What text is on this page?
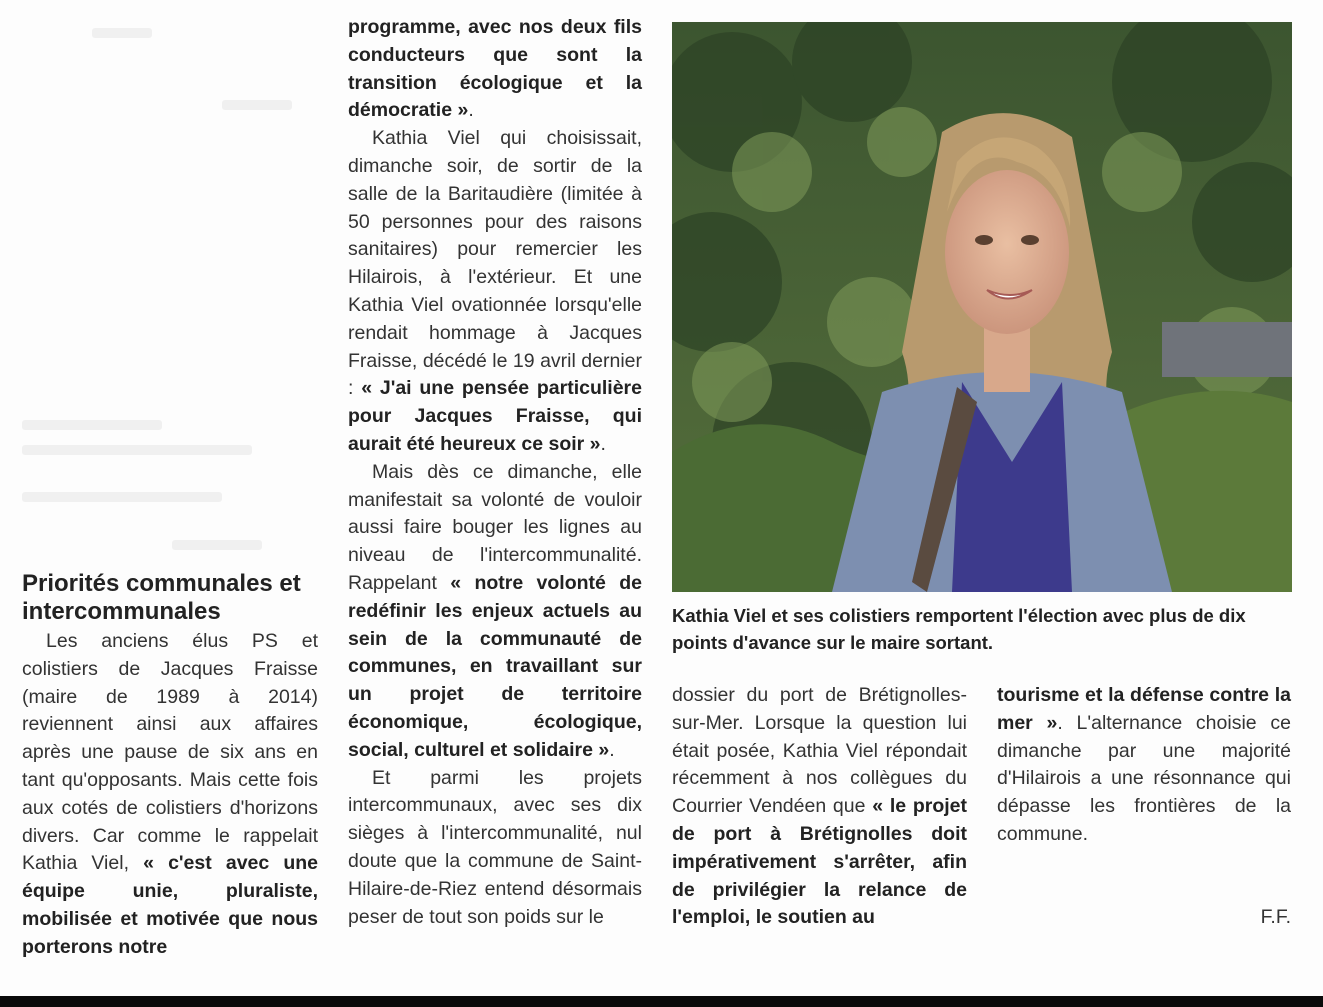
Priorités communales et intercommunales

Les anciens élus PS et colistiers de Jacques Fraisse (maire de 1989 à 2014) reviennent ainsi aux affaires après une pause de six ans en tant qu'opposants. Mais cette fois aux cotés de colistiers d'horizons divers. Car comme le rappelait Kathia Viel, « c'est avec une équipe unie, pluraliste, mobilisée et motivée que nous porterons notre

programme, avec nos deux fils conducteurs que sont la transition écologique et la démocratie ».

Kathia Viel qui choisissait, dimanche soir, de sortir de la salle de la Baritaudière (limitée à 50 personnes pour des raisons sanitaires) pour remercier les Hilairois, à l'extérieur. Et une Kathia Viel ovationnée lorsqu'elle rendait hommage à Jacques Fraisse, décédé le 19 avril dernier : « J'ai une pensée particulière pour Jacques Fraisse, qui aurait été heureux ce soir ».

Mais dès ce dimanche, elle manifestait sa volonté de vouloir aussi faire bouger les lignes au niveau de l'intercommunalité. Rappelant « notre volonté de redéfinir les enjeux actuels au sein de la communauté de communes, en travaillant sur un projet de territoire économique, écologique, social, culturel et solidaire ».

Et parmi les projets intercommunaux, avec ses dix sièges à l'intercommunalité, nul doute que la commune de Saint-Hilaire-de-Riez entend désormais peser de tout son poids sur le

Kathia Viel et ses colistiers remportent l'élection avec plus de dix points d'avance sur le maire sortant.

dossier du port de Brétignolles-sur-Mer. Lorsque la question lui était posée, Kathia Viel répondait récemment à nos collègues du Courrier Vendéen que « le projet de port à Brétignolles doit impérativement s'arrêter, afin de privilégier la relance de l'emploi, le soutien au

tourisme et la défense contre la mer ». L'alternance choisie ce dimanche par une majorité d'Hilairois a une résonnance qui dépasse les frontières de la commune.

F.F.
